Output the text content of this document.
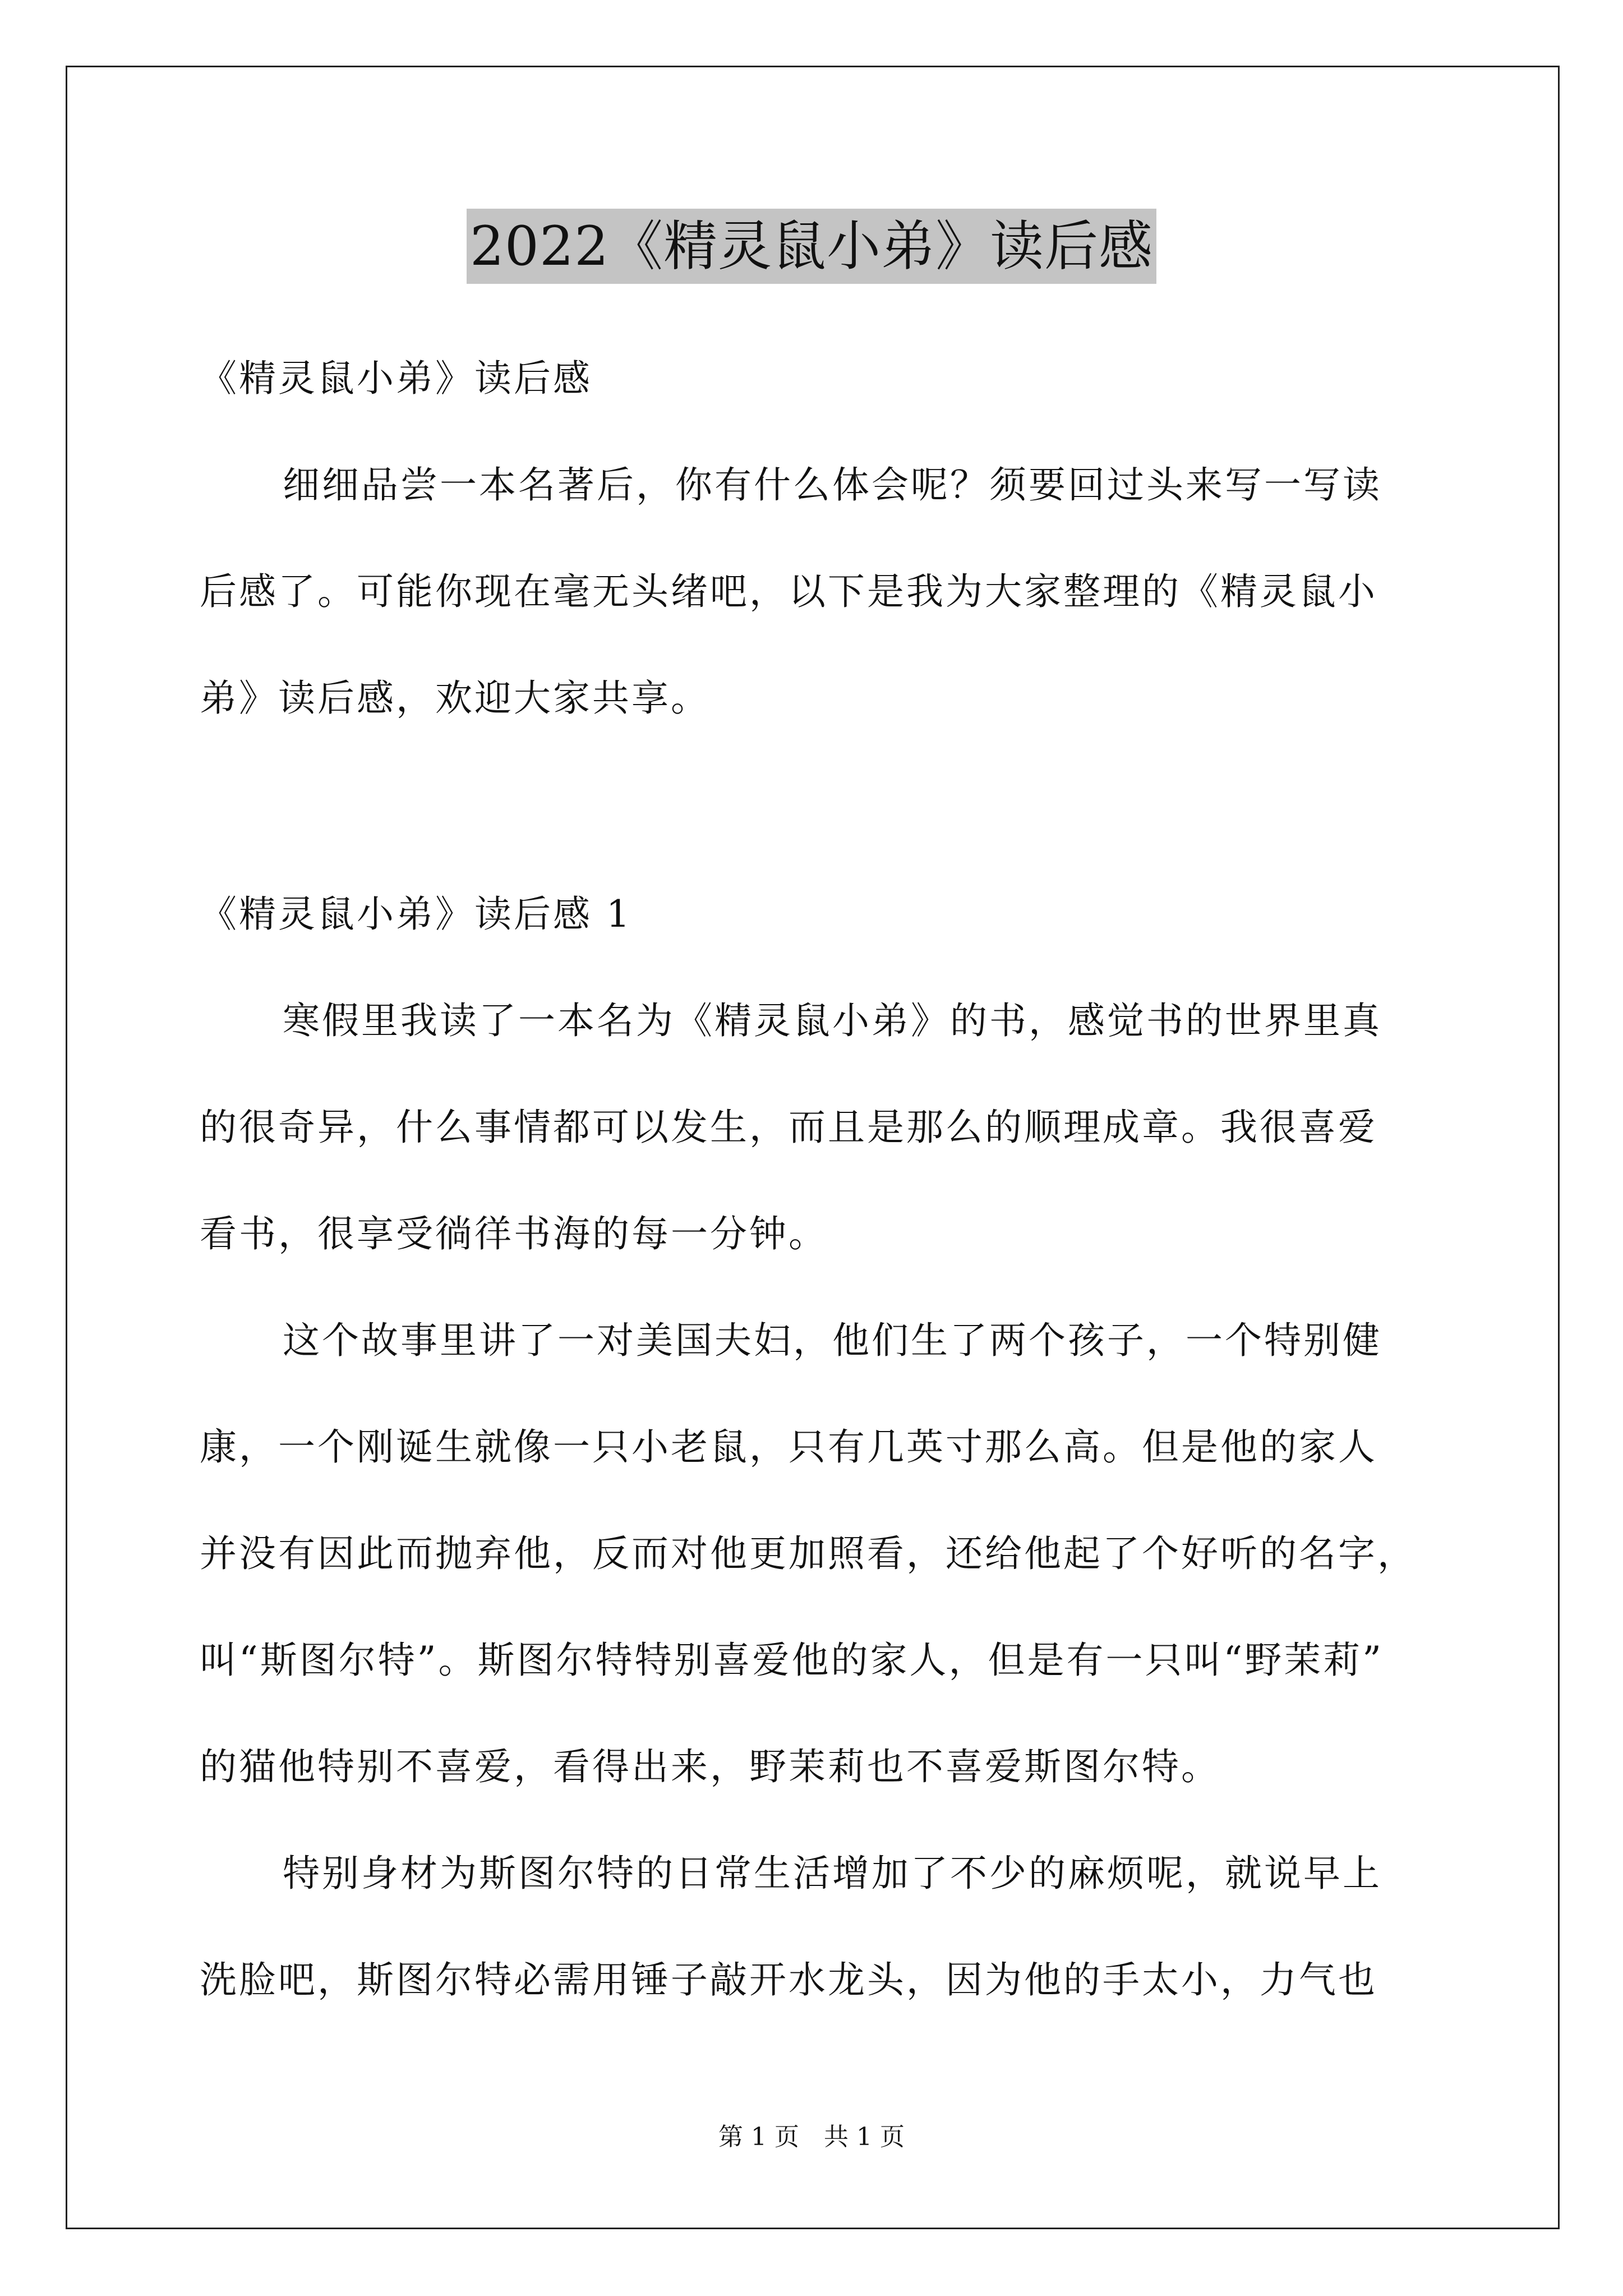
2022《精灵鼠小弟》读后感
《精灵鼠小弟》读后感
细细品尝一本名著后，你有什么体会呢？须要回过头来写一写读
后感了。可能你现在毫无头绪吧，以下是我为大家整理的《精灵鼠小
弟》读后感，欢迎大家共享。
《精灵鼠小弟》读后感 1
寒假里我读了一本名为《精灵鼠小弟》的书，感觉书的世界里真
的很奇异，什么事情都可以发生，而且是那么的顺理成章。我很喜爱
看书，很享受徜徉书海的每一分钟。
这个故事里讲了一对美国夫妇，他们生了两个孩子，一个特别健
康，一个刚诞生就像一只小老鼠，只有几英寸那么高。但是他的家人
并没有因此而抛弃他，反而对他更加照看，还给他起了个好听的名字，
叫“斯图尔特”。斯图尔特特别喜爱他的家人，但是有一只叫“野茉莉”
的猫他特别不喜爱，看得出来，野茉莉也不喜爱斯图尔特。
特别身材为斯图尔特的日常生活增加了不少的麻烦呢，就说早上
洗脸吧，斯图尔特必需用锤子敲开水龙头，因为他的手太小，力气也
第 1 页　共 1 页
